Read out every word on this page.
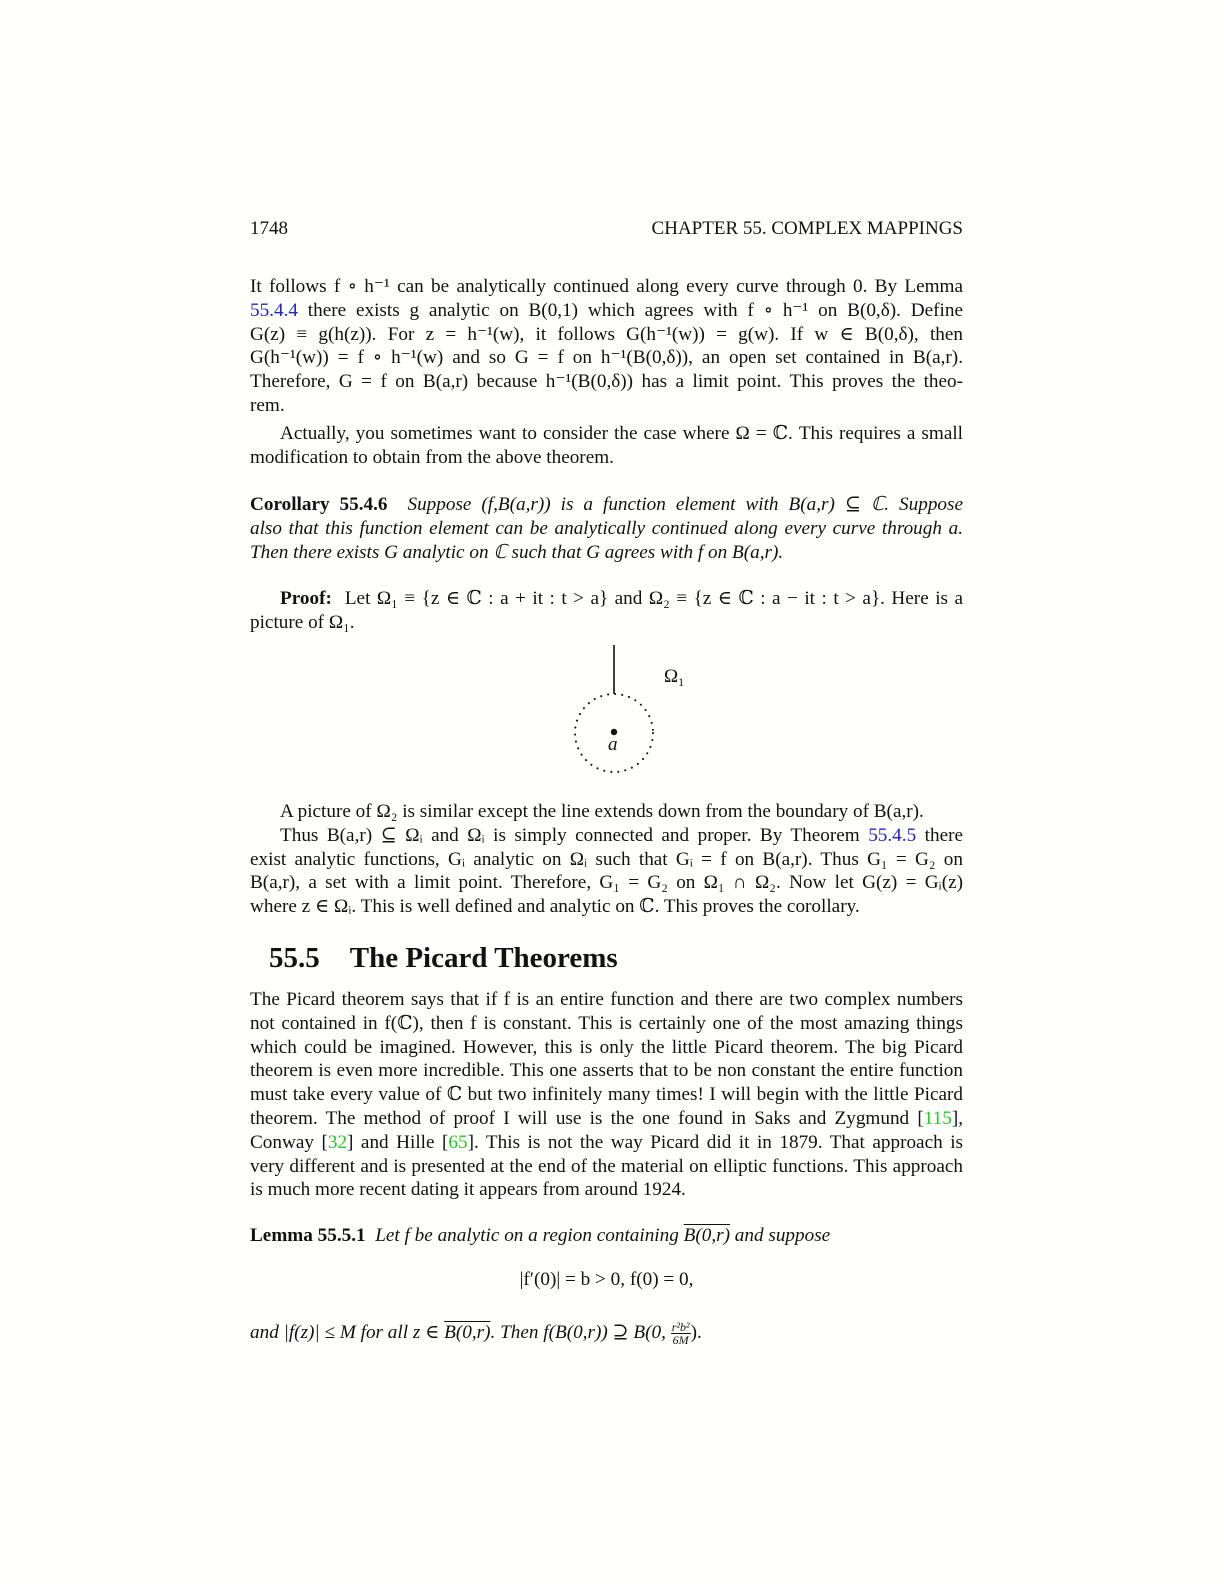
1748	CHAPTER 55. COMPLEX MAPPINGS
It follows f ∘ h⁻¹ can be analytically continued along every curve through 0. By Lemma
55.4.4 there exists g analytic on B(0,1) which agrees with f ∘ h⁻¹ on B(0,δ). Define
G(z) ≡ g(h(z)). For z = h⁻¹(w), it follows G(h⁻¹(w)) = g(w). If w ∈ B(0,δ), then
G(h⁻¹(w)) = f ∘ h⁻¹(w) and so G = f on h⁻¹(B(0,δ)), an open set contained in B(a,r).
Therefore, G = f on B(a,r) because h⁻¹(B(0,δ)) has a limit point. This proves the theo-
rem.
Actually, you sometimes want to consider the case where Ω = ℂ. This requires a small
modification to obtain from the above theorem.
Corollary 55.4.6 Suppose (f,B(a,r)) is a function element with B(a,r) ⊆ ℂ. Suppose
also that this function element can be analytically continued along every curve through a.
Then there exists G analytic on ℂ such that G agrees with f on B(a,r).
Proof: Let Ω₁ ≡ {z ∈ ℂ : a + it : t > a} and Ω₂ ≡ {z ∈ ℂ : a − it : t > a}. Here is a
picture of Ω₁.
A picture of Ω₂ is similar except the line extends down from the boundary of B(a,r).
Thus B(a,r) ⊆ Ωᵢ and Ωᵢ is simply connected and proper. By Theorem 55.4.5 there
exist analytic functions, Gᵢ analytic on Ωᵢ such that Gᵢ = f on B(a,r). Thus G₁ = G₂ on
B(a,r), a set with a limit point. Therefore, G₁ = G₂ on Ω₁ ∩ Ω₂. Now let G(z) = Gᵢ(z)
where z ∈ Ωᵢ. This is well defined and analytic on ℂ. This proves the corollary.
55.5 The Picard Theorems
The Picard theorem says that if f is an entire function and there are two complex numbers
not contained in f(ℂ), then f is constant. This is certainly one of the most amazing things
which could be imagined. However, this is only the little Picard theorem. The big Picard
theorem is even more incredible. This one asserts that to be non constant the entire function
must take every value of ℂ but two infinitely many times! I will begin with the little Picard
theorem. The method of proof I will use is the one found in Saks and Zygmund [115],
Conway [32] and Hille [65]. This is not the way Picard did it in 1879. That approach is
very different and is presented at the end of the material on elliptic functions. This approach
is much more recent dating it appears from around 1924.
Lemma 55.5.1 Let f be analytic on a region containing B(0,r) and suppose
|f′(0)| = b > 0, f(0) = 0,
and |f(z)| ≤ M for all z ∈ B(0,r). Then f(B(0,r)) ⊇ B(0, $\frac{\text{r²b²}}{6M}$ ).
a
$\Omega_1$
